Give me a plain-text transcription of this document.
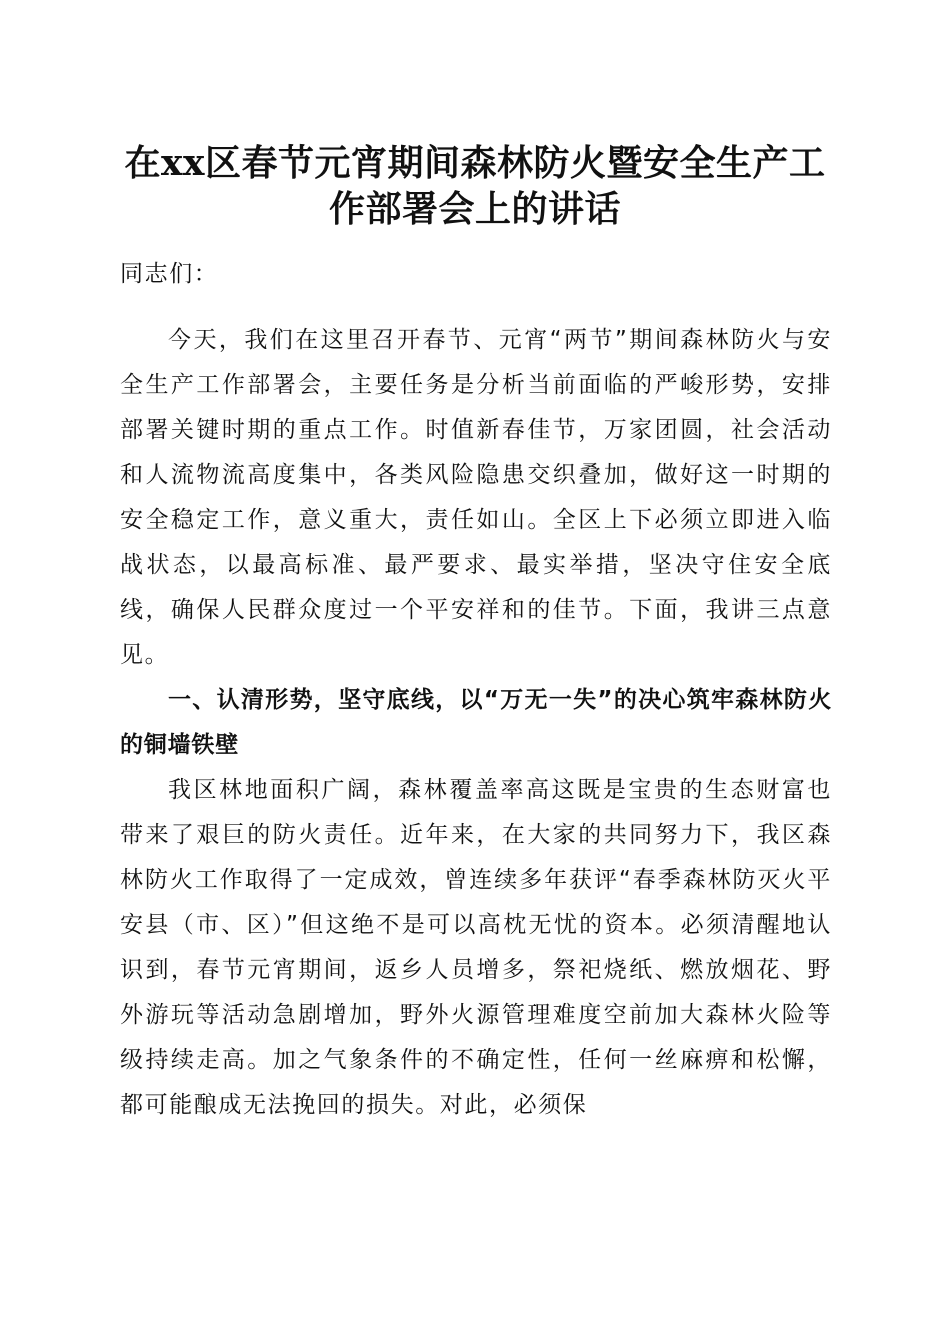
在xx区春节元宵期间森林防火暨安全生产工
作部署会上的讲话

同志们：

今天，我们在这里召开春节、元宵“两节”期间森林防火与安全生产工作部署会，主要任务是分析当前面临的严峻形势，安排部署关键时期的重点工作。时值新春佳节，万家团圆，社会活动和人流物流高度集中，各类风险隐患交织叠加，做好这一时期的安全稳定工作，意义重大，责任如山。全区上下必须立即进入临战状态，以最高标准、最严要求、最实举措，坚决守住安全底线，确保人民群众度过一个平安祥和的佳节。下面，我讲三点意见。

一、认清形势，坚守底线，以“万无一失”的决心筑牢森林防火的铜墙铁壁

我区林地面积广阔，森林覆盖率高这既是宝贵的生态财富也带来了艰巨的防火责任。近年来，在大家的共同努力下，我区森林防火工作取得了一定成效，曾连续多年获评“春季森林防灭火平安县（市、区）”但这绝不是可以高枕无忧的资本。必须清醒地认识到，春节元宵期间，返乡人员增多，祭祀烧纸、燃放烟花、野外游玩等活动急剧增加，野外火源管理难度空前加大森林火险等级持续走高。加之气象条件的不确定性，任何一丝麻痹和松懈，都可能酿成无法挽回的损失。对此，必须保
